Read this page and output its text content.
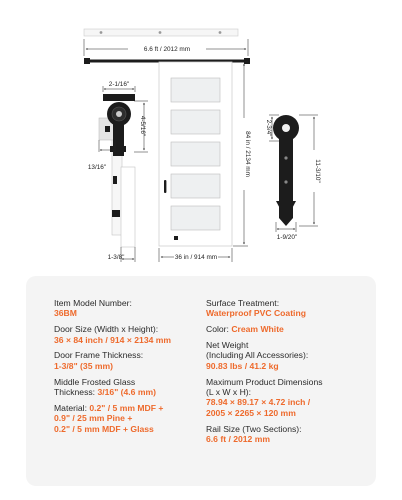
6.6 ft / 2012 mm
84 in / 2134 mm
36 in / 914 mm
2-1/16"
4-5/16"
13/16"
1-3/8"
2-3/4"
11-3/10"
1-9/20"
Item Model Number:
36BM
Door Size (Width x Height):
36 × 84 inch / 914 × 2134 mm
Door Frame Thickness:
1-3/8" (35 mm)
Middle Frosted Glass
Thickness: 3/16" (4.6 mm)
Material: 0.2" / 5 mm MDF +
0.9" / 25 mm Pine +
0.2" / 5 mm MDF + Glass
Surface Treatment:
Waterproof PVC Coating
Color: Cream White
Net Weight
(Including All Accessories):
90.83 lbs / 41.2 kg
Maximum Product Dimensions
(L x W x H):
78.94 × 89.17 × 4.72 inch /
2005 × 2265 × 120 mm
Rail Size (Two Sections):
6.6 ft / 2012 mm
